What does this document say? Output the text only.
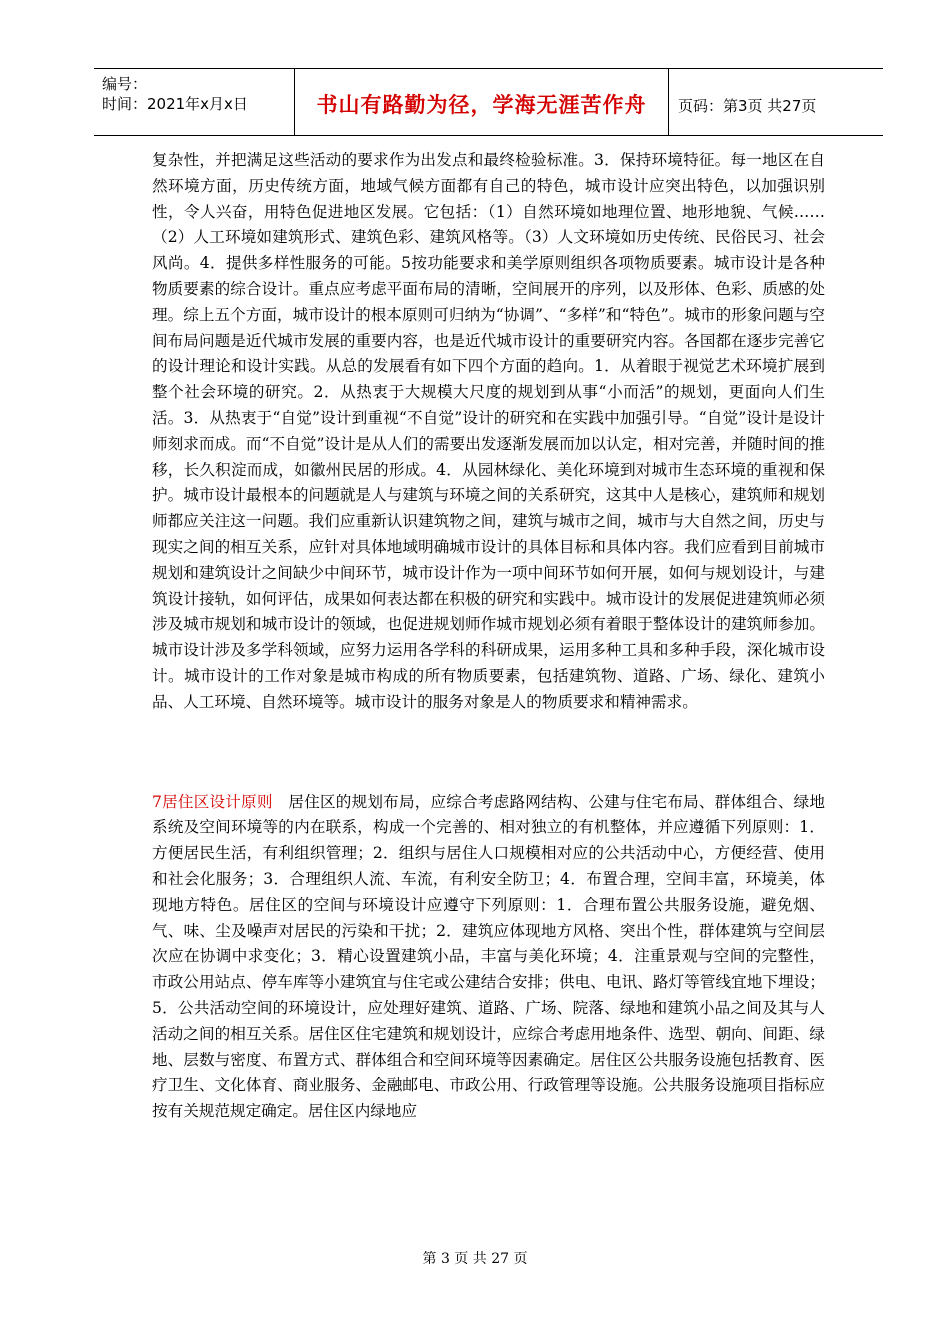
编号：
时间：2021年x月x日	书山有路勤为径，学海无涯苦作舟	页码：第3页 共27页

复杂性，并把满足这些活动的要求作为出发点和最终检验标准。3．保持环境特征。每一地区在自然环境方面，历史传统方面，地域气候方面都有自己的特色，城市设计应突出特色，以加强识别性，令人兴奋，用特色促进地区发展。它包括：（1）自然环境如地理位置、地形地貌、气候……（2）人工环境如建筑形式、建筑色彩、建筑风格等。（3）人文环境如历史传统、民俗民习、社会风尚。4．提供多样性服务的可能。5按功能要求和美学原则组织各项物质要素。城市设计是各种物质要素的综合设计。重点应考虑平面布局的清晰，空间展开的序列，以及形体、色彩、质感的处理。综上五个方面，城市设计的根本原则可归纳为“协调”、“多样”和“特色”。城市的形象问题与空间布局问题是近代城市发展的重要内容，也是近代城市设计的重要研究内容。各国都在逐步完善它的设计理论和设计实践。从总的发展看有如下四个方面的趋向。1．从着眼于视觉艺术环境扩展到整个社会环境的研究。2．从热衷于大规模大尺度的规划到从事“小而活”的规划，更面向人们生活。3．从热衷于“自觉”设计到重视“不自觉”设计的研究和在实践中加强引导。“自觉”设计是设计师刻求而成。而“不自觉”设计是从人们的需要出发逐渐发展而加以认定，相对完善，并随时间的推移，长久积淀而成，如徽州民居的形成。4．从园林绿化、美化环境到对城市生态环境的重视和保护。城市设计最根本的问题就是人与建筑与环境之间的关系研究，这其中人是核心，建筑师和规划师都应关注这一问题。我们应重新认识建筑物之间，建筑与城市之间，城市与大自然之间，历史与现实之间的相互关系，应针对具体地域明确城市设计的具体目标和具体内容。我们应看到目前城市规划和建筑设计之间缺少中间环节，城市设计作为一项中间环节如何开展，如何与规划设计，与建筑设计接轨，如何评估，成果如何表达都在积极的研究和实践中。城市设计的发展促进建筑师必须涉及城市规划和城市设计的领域，也促进规划师作城市规划必须有着眼于整体设计的建筑师参加。城市设计涉及多学科领域，应努力运用各学科的科研成果，运用多种工具和多种手段，深化城市设计。城市设计的工作对象是城市构成的所有物质要素，包括建筑物、道路、广场、绿化、建筑小品、人工环境、自然环境等。城市设计的服务对象是人的物质要求和精神需求。

7居住区设计原则  居住区的规划布局，应综合考虑路网结构、公建与住宅布局、群体组合、绿地系统及空间环境等的内在联系，构成一个完善的、相对独立的有机整体，并应遵循下列原则：1．方便居民生活，有利组织管理；2．组织与居住人口规模相对应的公共活动中心，方便经营、使用和社会化服务；3．合理组织人流、车流，有利安全防卫；4．布置合理，空间丰富，环境美，体现地方特色。居住区的空间与环境设计应遵守下列原则：1．合理布置公共服务设施，避免烟、气、味、尘及噪声对居民的污染和干扰；2．建筑应体现地方风格、突出个性，群体建筑与空间层次应在协调中求变化；3．精心设置建筑小品，丰富与美化环境；4．注重景观与空间的完整性，市政公用站点、停车库等小建筑宜与住宅或公建结合安排；供电、电讯、路灯等管线宜地下埋设；5．公共活动空间的环境设计，应处理好建筑、道路、广场、院落、绿地和建筑小品之间及其与人活动之间的相互关系。居住区住宅建筑和规划设计，应综合考虑用地条件、选型、朝向、间距、绿地、层数与密度、布置方式、群体组合和空间环境等因素确定。居住区公共服务设施包括教育、医疗卫生、文化体育、商业服务、金融邮电、市政公用、行政管理等设施。公共服务设施项目指标应按有关规范规定确定。居住区内绿地应

第 3 页 共 27 页
